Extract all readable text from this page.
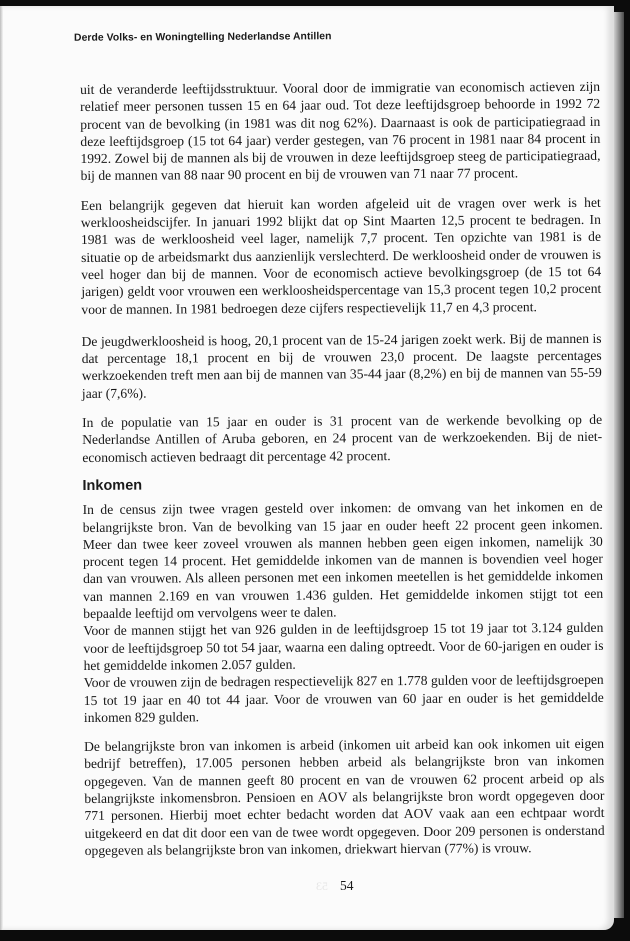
Derde Volks- en Woningtelling Nederlandse Antillen

uit de veranderde leeftijdsstruktuur. Vooral door de immigratie van economisch actieven zijn relatief meer personen tussen 15 en 64 jaar oud. Tot deze leeftijdsgroep behoorde in 1992 72 procent van de bevolking (in 1981 was dit nog 62%). Daarnaast is ook de participatiegraad in deze leeftijdsgroep (15 tot 64 jaar) verder gestegen, van 76 procent in 1981 naar 84 procent in 1992. Zowel bij de mannen als bij de vrouwen in deze leeftijdsgroep steeg de participatiegraad, bij de mannen van 88 naar 90 procent en bij de vrouwen van 71 naar 77 procent.

Een belangrijk gegeven dat hieruit kan worden afgeleid uit de vragen over werk is het werkloosheidscijfer. In januari 1992 blijkt dat op Sint Maarten 12,5 procent te bedragen. In 1981 was de werkloosheid veel lager, namelijk 7,7 procent. Ten opzichte van 1981 is de situatie op de arbeidsmarkt dus aanzienlijk verslechterd. De werkloosheid onder de vrouwen is veel hoger dan bij de mannen. Voor de economisch actieve bevolkingsgroep (de 15 tot 64 jarigen) geldt voor vrouwen een werkloosheidspercentage van 15,3 procent tegen 10,2 procent voor de mannen. In 1981 bedroegen deze cijfers respectievelijk 11,7 en 4,3 procent.

De jeugdwerkloosheid is hoog, 20,1 procent van de 15-24 jarigen zoekt werk. Bij de mannen is dat percentage 18,1 procent en bij de vrouwen 23,0 procent. De laagste percentages werkzoekenden treft men aan bij de mannen van 35-44 jaar (8,2%) en bij de mannen van 55-59 jaar (7,6%).

In de populatie van 15 jaar en ouder is 31 procent van de werkende bevolking op de Nederlandse Antillen of Aruba geboren, en 24 procent van de werkzoekenden. Bij de niet-economisch actieven bedraagt dit percentage 42 procent.

Inkomen

In de census zijn twee vragen gesteld over inkomen: de omvang van het inkomen en de belangrijkste bron. Van de bevolking van 15 jaar en ouder heeft 22 procent geen inkomen. Meer dan twee keer zoveel vrouwen als mannen hebben geen eigen inkomen, namelijk 30 procent tegen 14 procent. Het gemiddelde inkomen van de mannen is bovendien veel hoger dan van vrouwen. Als alleen personen met een inkomen meetellen is het gemiddelde inkomen van mannen 2.169 en van vrouwen 1.436 gulden. Het gemiddelde inkomen stijgt tot een bepaalde leeftijd om vervolgens weer te dalen.

Voor de mannen stijgt het van 926 gulden in de leeftijdsgroep 15 tot 19 jaar tot 3.124 gulden voor de leeftijdsgroep 50 tot 54 jaar, waarna een daling optreedt. Voor de 60-jarigen en ouder is het gemiddelde inkomen 2.057 gulden.

Voor de vrouwen zijn de bedragen respectievelijk 827 en 1.778 gulden voor de leeftijdsgroepen 15 tot 19 jaar en 40 tot 44 jaar. Voor de vrouwen van 60 jaar en ouder is het gemiddelde inkomen 829 gulden.

De belangrijkste bron van inkomen is arbeid (inkomen uit arbeid kan ook inkomen uit eigen bedrijf betreffen), 17.005 personen hebben arbeid als belangrijkste bron van inkomen opgegeven. Van de mannen geeft 80 procent en van de vrouwen 62 procent arbeid op als belangrijkste inkomensbron. Pensioen en AOV als belangrijkste bron wordt opgegeven door 771 personen. Hierbij moet echter bedacht worden dat AOV vaak aan een echtpaar wordt uitgekeerd en dat dit door een van de twee wordt opgegeven. Door 209 personen is onderstand opgegeven als belangrijkste bron van inkomen, driekwart hiervan (77%) is vrouw.

53 54
